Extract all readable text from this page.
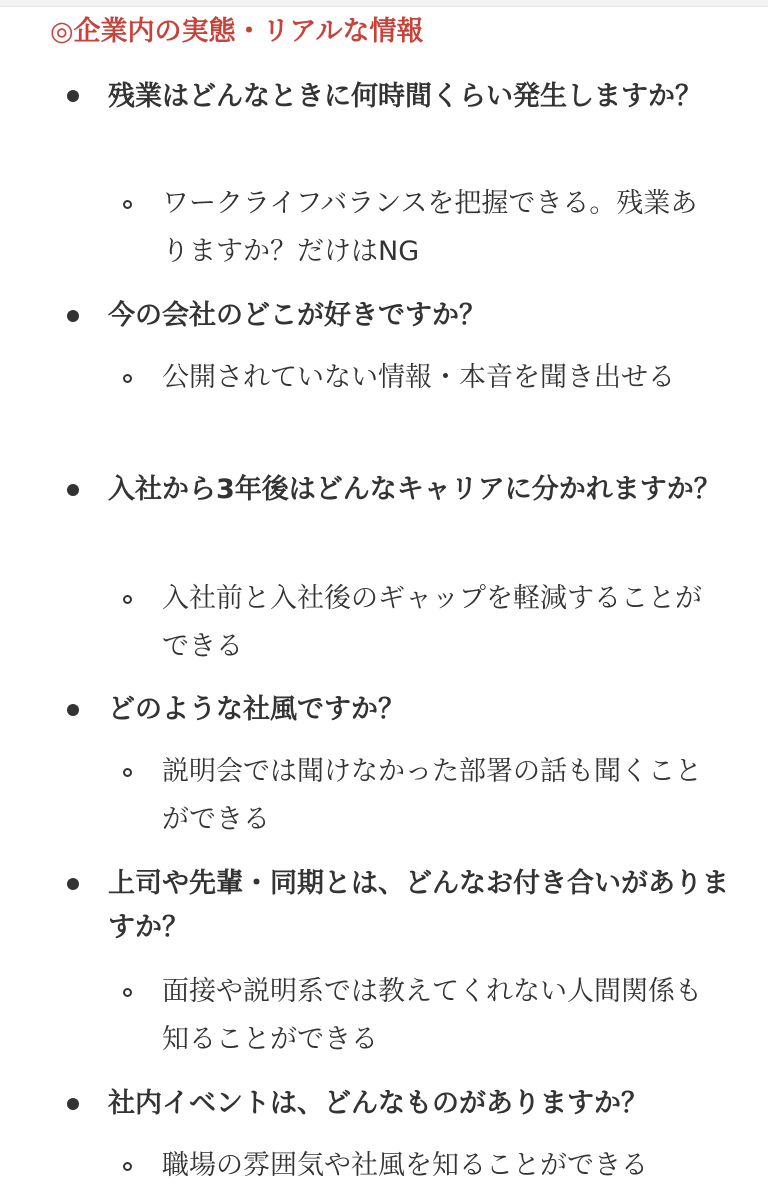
◎企業内の実態・リアルな情報
残業はどんなときに何時間くらい発生しますか？
ワークライフバランスを把握できる。残業ありますか？だけはNG
今の会社のどこが好きですか？
公開されていない情報・本音を聞き出せる
入社から3年後はどんなキャリアに分かれますか？
入社前と入社後のギャップを軽減することができる
どのような社風ですか？
説明会では聞けなかった部署の話も聞くことができる
上司や先輩・同期とは、どんなお付き合いがありますか？
面接や説明系では教えてくれない人間関係も知ることができる
社内イベントは、どんなものがありますか？
職場の雰囲気や社風を知ることができる
